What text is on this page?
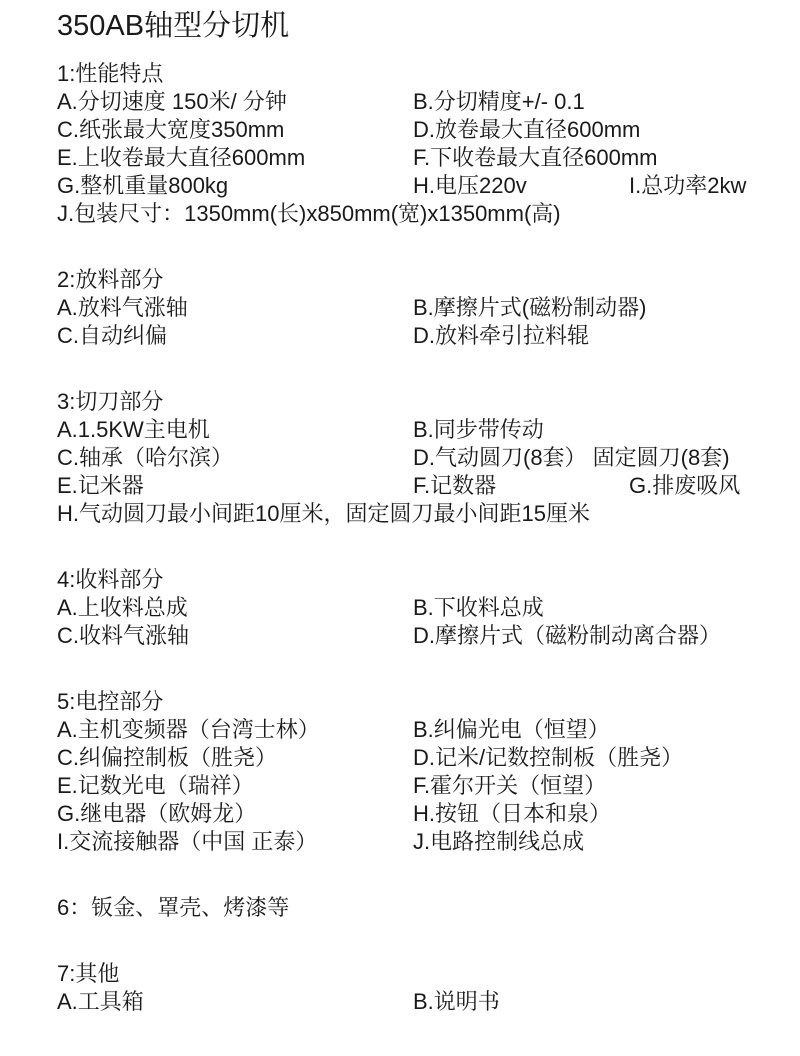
350AB轴型分切机
1:性能特点
A.分切速度 150米/ 分钟	B.分切精度+/- 0.1
C.纸张最大宽度350mm	D.放卷最大直径600mm
E.上收卷最大直径600mm	F.下收卷最大直径600mm
G.整机重量800kg	H.电压220v	I.总功率2kw
J.包装尺寸：1350mm(长)x850mm(宽)x1350mm(高)
2:放料部分
A.放料气涨轴	B.摩擦片式(磁粉制动器)
C.自动纠偏	D.放料牵引拉料辊
3:切刀部分
A.1.5KW主电机	B.同步带传动
C.轴承（哈尔滨）	D.气动圆刀(8套） 固定圆刀(8套)
E.记米器	F.记数器	G.排废吸风
H.气动圆刀最小间距10厘米，固定圆刀最小间距15厘米
4:收料部分
A.上收料总成	B.下收料总成
C.收料气涨轴	D.摩擦片式（磁粉制动离合器）
5:电控部分
A.主机变频器（台湾士林）	B.纠偏光电（恒望）
C.纠偏控制板（胜尧）	D.记米/记数控制板（胜尧）
E.记数光电（瑞祥）	F.霍尔开关（恒望）
G.继电器（欧姆龙）	H.按钮（日本和泉）
I.交流接触器（中国 正泰）	J.电路控制线总成
6：钣金、罩壳、烤漆等
7:其他
A.工具箱	B.说明书
